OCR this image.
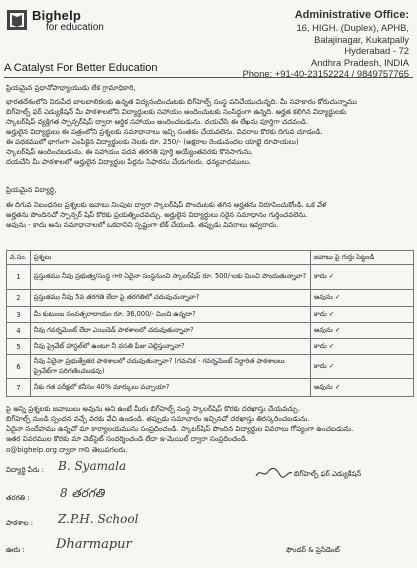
Bighelp
for education
Administrative Office:
16, HIGH. (Duplex), APHB,
Balajinagar, Kukatpally
Hyderabad - 72
Andhra Pradesh, INDIA
Phone: +91-40-23152224 / 9849757765
A Catalyst For Better Education
ప్రియమైన ప్రధానోపాధ్యాయుడు లేక గ్రామాధికారి,
భారతదేశంలోని నిరుపేద బాలబాలికలకు ఉన్నత విద్యనందించుటకు బిగ్‌హెల్ప్ సంస్థ పనిచేయుచున్నది. మీ సహకారం కోరుచున్నాము
బిగ్‌హెల్ప్ ఫర్ ఎడ్యుకేషన్ మీ పాఠశాలలోని విద్యార్థులకు సహాయం అందించుటకు సంసిద్ధంగా ఉన్నది. అర్హత కలిగిన విద్యార్థులకు
స్కాలర్‌షిప్ వ్యక్తిగత స్పాన్సర్‌షిప్ ద్వారా ఆర్థిక సహాయం అందించబడును. దయచేసి ఈ లేఖను పూర్తిగా చదవండి.
అర్హులైన విద్యార్థులు ఈ పత్రంలోని ప్రశ్నలకు సమాధానాలు ఇచ్చి సంతకం చేయవలెను. వివరాల కొరకు దిగువ చూడండి.
ఈ పథకములో భాగంగా ఎంపికైన విద్యార్థులకు నెలకు రూ. 250/- (అక్షరాల రెండువందల యాభై రూపాయలు)
స్కాలర్‌షిప్ అందించబడును. ఈ సహాయం పదవ తరగతి పూర్తి అయ్యేంతవరకు కొనసాగును.
దయచేసి మీ పాఠశాలలో అర్హులైన విద్యార్థుల పేర్లను సిఫారసు చేయగలరు. ధన్యవాదములు.
ప్రియమైన విద్యార్థి,
ఈ దిగువ నిబంధనల ప్రశ్నలకు జవాబు నింపుట ద్వారా స్కాలర్‌షిప్ పొందుటకు తగిన అర్హతను నిరూపించుకోండి. ఒక వేళ
అర్హతను పొందినచో స్పాన్సర్ షిప్ కొరకు ప్రయత్నించవచ్చు. అర్హులైన విద్యార్థులు సరైన సమాధానం గుర్తించవలెను.
అవును - కాదు అను సమాధానాలలో ఒకదానిని స్పష్టంగా టిక్ చేయండి. తప్పుడు వివరాలు ఇవ్వరాదు.
వ.సం.	ప్రశ్నలు	జవాబు పై గుర్తు పెట్టండి
1	ప్రస్తుతము నీవు ప్రభుత్వ/సంస్థ గారి ఏదైనా సంస్థనుంచి స్కాలర్‌షిప్ రూ. 500/-లకు మించి పొందుతున్నావా?	కాదు ✓
2	ప్రస్తుతము నీవు 5వ తరగతి లేదా పై తరగతిలో చదువుచున్నావా?	అవును ✓
3	మీ కుటుంబ సంవత్సరాదాయం రూ. 36,000/- మించి ఉన్నదా?	కాదు ✓
4	నీవు గవర్నమెంట్ లేదా ఎయిడెడ్ పాఠశాలలో చదువుతున్నావా?	అవును ✓
5	నీవు ప్రైవేట్ హాస్టల్‌లో ఉంటూ నీ వసతి ఫీజు చెల్లిస్తున్నావా?	కాదు ✓
6	నీవు ఏదైనా ప్రభుత్వేతర పాఠశాలలో చదువుతున్నావా? (గమనిక - గవర్నమెంట్ నిర్ధారిత పాఠశాలలు ప్రైవేట్‌గా పరిగణించబడవు)	కాదు ✓
7	నీకు గత పరీక్షలో కనీసం 40% మార్కులు వచ్చాయా?	అవును ✓
పై అన్ని ప్రశ్నలకు జవాబులు అవును అని ఉంటే మీరు బిగ్‌హెల్ప్ సంస్థ స్కాలర్‌షిప్ కొరకు దరఖాస్తు చేయవచ్చు.
బిగ్‌హెల్ప్ నుండి స్పందన వచ్చే వరకు వేచి ఉండండి. తప్పుడు సమాచారం ఇచ్చినచో దరఖాస్తు తిరస్కరించబడును.
ఏదైనా సందేహము ఉన్నచో మా కార్యాలయమును సంప్రదించండి. స్కాలర్‌షిప్ పొందిన విద్యార్థుల వివరాలు గోప్యంగా ఉంచబడును.
ఇతర వివరముల కొరకు మా వెబ్‌సైట్ సందర్శించండి లేదా ఇ-మెయిల్ ద్వారా సంప్రదించండి.
o@bighelp.org ద్వారా గాని తెలుపగలరు.
విద్యార్థి పేరు : B. Syamala
తరగతి :	8 తరగతి
పాఠశాల : Z.P.H. School
ఊరు : Dharmapur
బిగ్‌హెల్ప్ ఫర్ ఎడ్యుకేషన్
ఫౌండర్ & ప్రెసిడెంట్
